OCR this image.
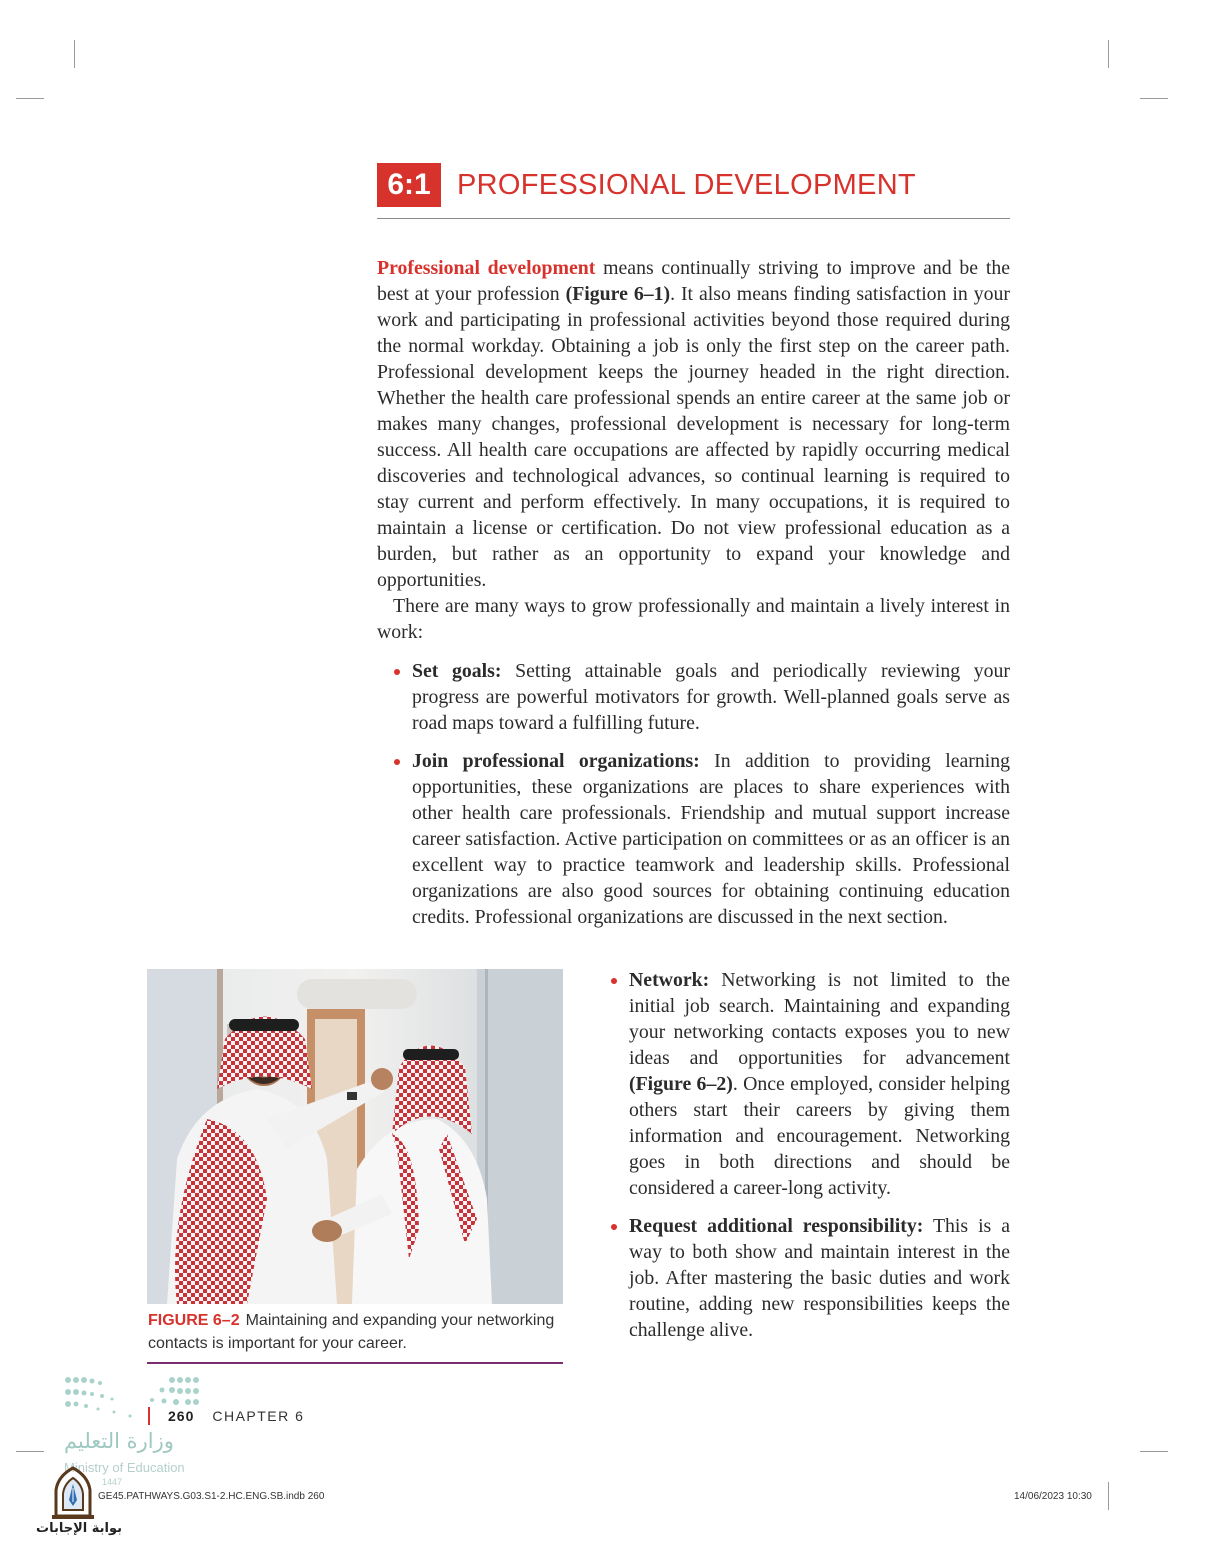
6:1 PROFESSIONAL DEVELOPMENT

Professional development means continually striving to improve and be the best at your profession (Figure 6–1). It also means finding satisfaction in your work and participating in professional activities beyond those required during the normal workday. Obtaining a job is only the first step on the career path. Professional development keeps the journey headed in the right direction. Whether the health care professional spends an entire career at the same job or makes many changes, professional development is necessary for long-term success. All health care occupations are affected by rapidly occurring medical discoveries and technological advances, so continual learning is required to stay current and perform effectively. In many occupations, it is required to maintain a license or certification. Do not view professional education as a burden, but rather as an opportunity to expand your knowledge and opportunities.

There are many ways to grow professionally and maintain a lively interest in work:

Set goals: Setting attainable goals and periodically reviewing your progress are powerful motivators for growth. Well-planned goals serve as road maps toward a fulfilling future.
Join professional organizations: In addition to providing learning opportunities, these organizations are places to share experiences with other health care professionals. Friendship and mutual support increase career satisfaction. Active participation on committees or as an officer is an excellent way to practice teamwork and leadership skills. Professional organizations are also good sources for obtaining continuing education credits. Professional organizations are discussed in the next section.
FIGURE 6–2 Maintaining and expanding your networking contacts is important for your career.
Network: Networking is not limited to the initial job search. Maintaining and expanding your networking contacts exposes you to new ideas and opportunities for advancement (Figure 6–2). Once employed, consider helping others start their careers by giving them information and encouragement. Networking goes in both directions and should be considered a career-long activity.
Request additional responsibility: This is a way to both show and maintain interest in the job. After mastering the basic duties and work routine, adding new responsibilities keeps the challenge alive.
260 CHAPTER 6
وزارة التعليم
Ministry of Education
1447
GE45.PATHWAYS.G03.S1-2.HC.ENG.SB.indb 260	14/06/2023 10:30
بوابة الإجابات
